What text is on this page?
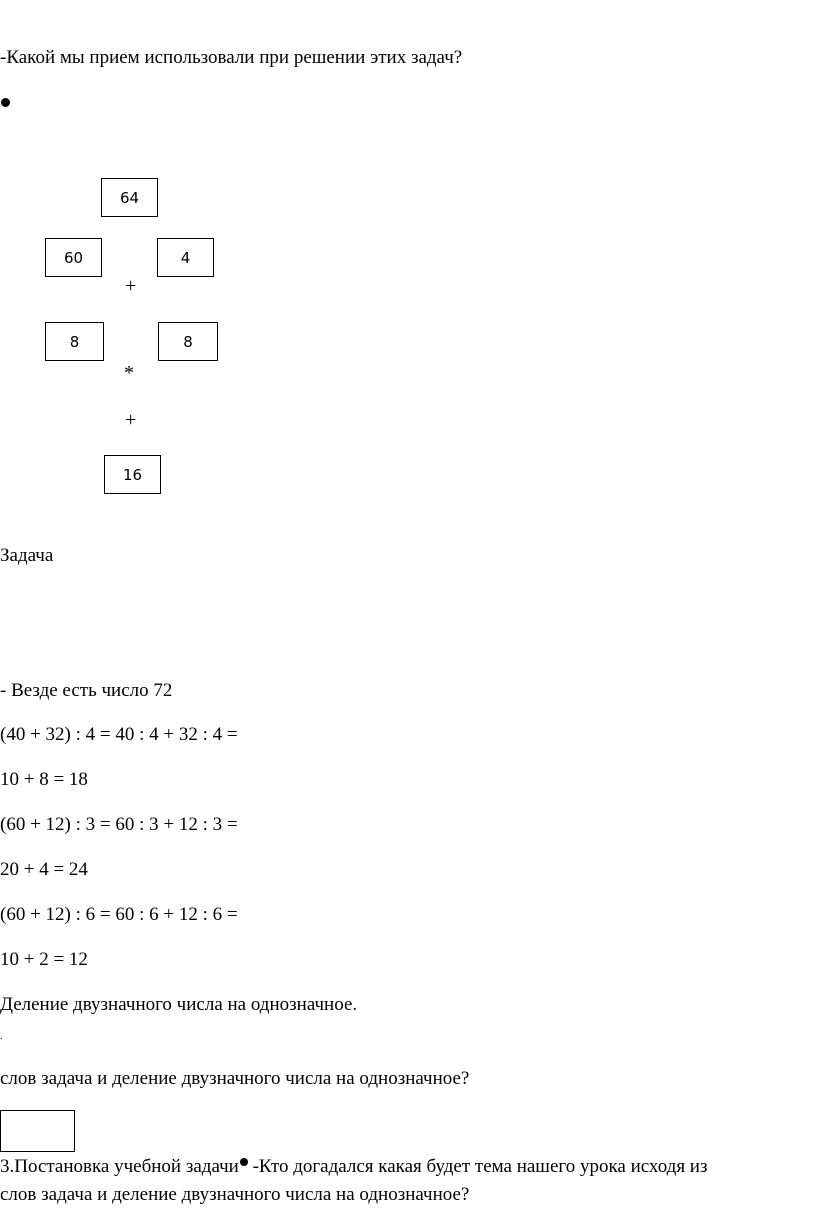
-Какой мы прием использовали при решении этих задач?
64
60	4
+
8	8
*
+
16
Задача
- Везде есть число 72
(40 + 32) : 4 = 40 : 4 + 32 : 4 =
10 + 8 = 18
(60 + 12) : 3 = 60 : 3 + 12 : 3 =
20 + 4 = 24
(60 + 12) : 6 = 60 : 6 + 12 : 6 =
10 + 2 = 12
Деление двузначного числа на однозначное.
.
слов задача и деление двузначного числа на однозначное?
3.Постановка учебной задачи -Кто догадался какая будет тема нашего урока исходя из
слов задача и деление двузначного числа на однозначное?
